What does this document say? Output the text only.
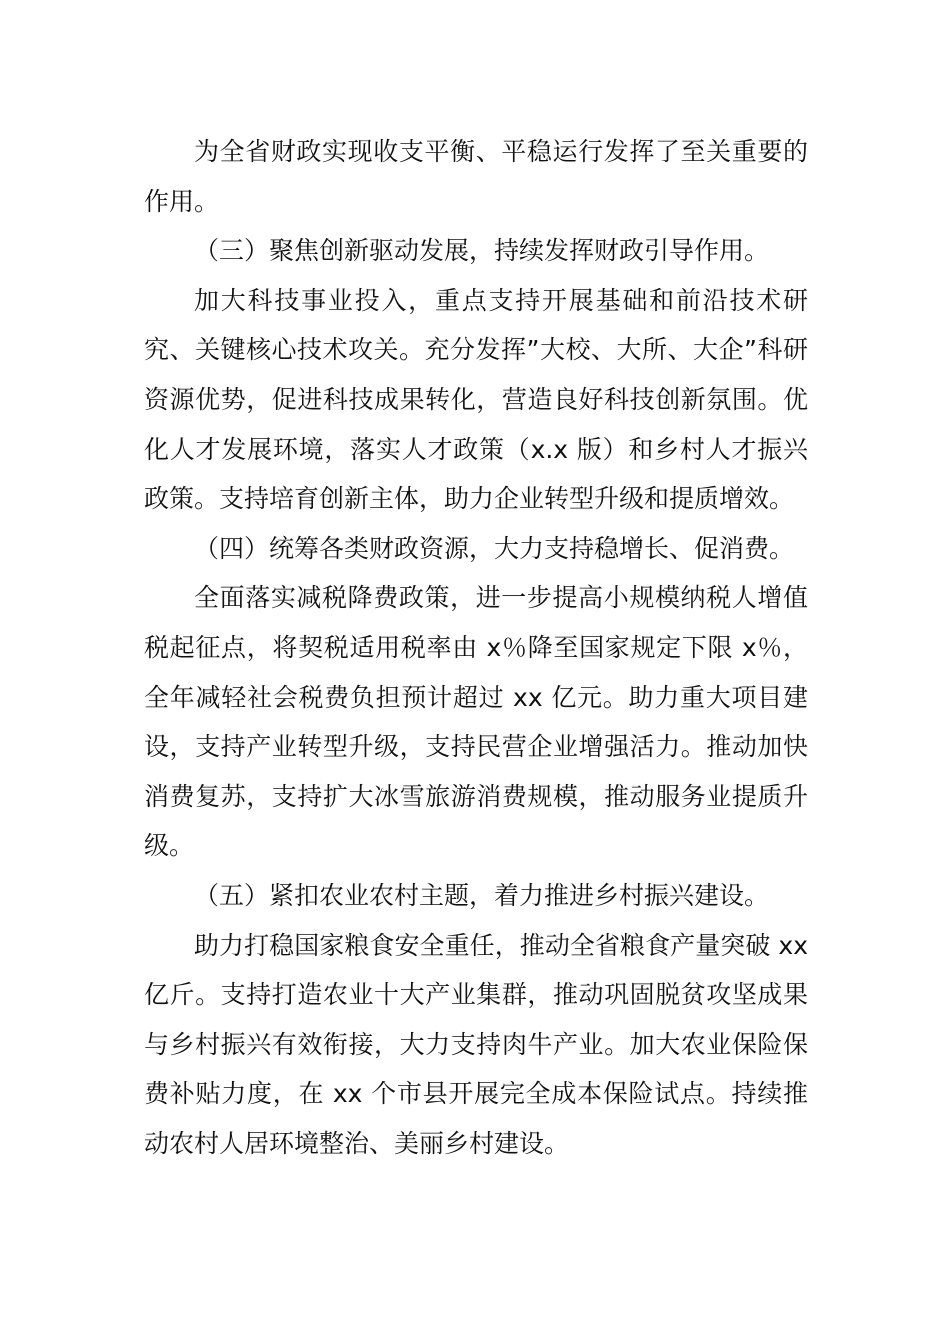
为全省财政实现收支平衡、平稳运行发挥了至关重要的作用。

（三）聚焦创新驱动发展，持续发挥财政引导作用。

加大科技事业投入，重点支持开展基础和前沿技术研究、关键核心技术攻关。充分发挥”大校、大所、大企”科研资源优势，促进科技成果转化，营造良好科技创新氛围。优化人才发展环境，落实人才政策（x.x 版）和乡村人才振兴政策。支持培育创新主体，助力企业转型升级和提质增效。

（四）统筹各类财政资源，大力支持稳增长、促消费。

全面落实减税降费政策，进一步提高小规模纳税人增值税起征点，将契税适用税率由 x％降至国家规定下限 x％，全年减轻社会税费负担预计超过 xx 亿元。助力重大项目建设，支持产业转型升级，支持民营企业增强活力。推动加快消费复苏，支持扩大冰雪旅游消费规模，推动服务业提质升级。

（五）紧扣农业农村主题，着力推进乡村振兴建设。

助力打稳国家粮食安全重任，推动全省粮食产量突破 xx 亿斤。支持打造农业十大产业集群，推动巩固脱贫攻坚成果与乡村振兴有效衔接，大力支持肉牛产业。加大农业保险保费补贴力度，在 xx 个市县开展完全成本保险试点。持续推动农村人居环境整治、美丽乡村建设。
